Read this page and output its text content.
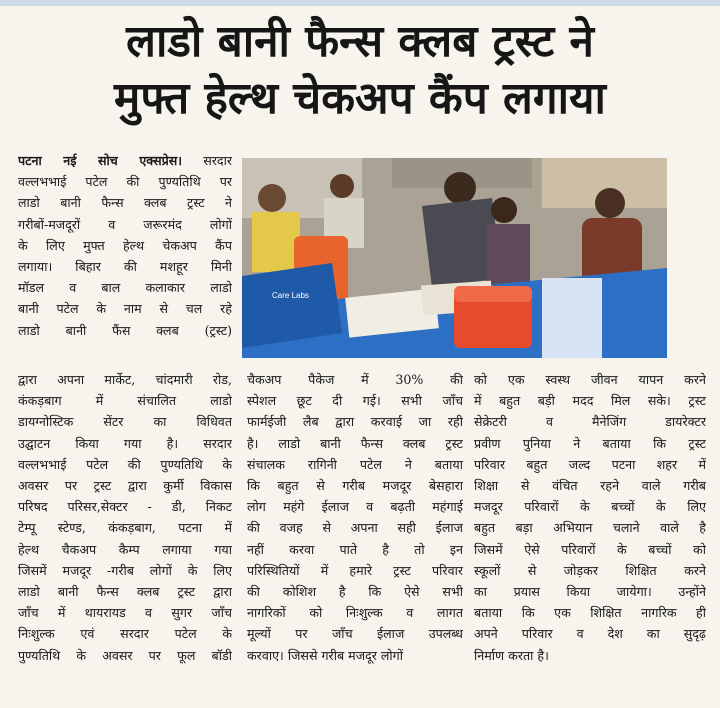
लाडो बानी फैन्स क्लब ट्रस्ट ने
मुफ्त हेल्थ चेकअप कैंप लगाया
Care Labs
पटना नई सोच एक्सप्रेस। सरदार
वल्लभभाई पटेल की पुण्यतिथि पर
लाडो बानी फैन्स क्लब ट्रस्ट ने
गरीबों-मजदूरों व जरूरमंद लोगों
के लिए मुफ्त हेल्थ चेकअप कैंप
लगाया। बिहार की मशहूर मिनी
मॉडल व बाल कलाकार लाडो
बानी पटेल के नाम से चल रहे
लाडो बानी फैंस क्लब (ट्रस्ट)
द्वारा अपना मार्केट, चांदमारी रोड,
कंकड़बाग में संचालित लाडो
डायग्नोस्टिक सेंटर का विधिवत
उद्घाटन किया गया है। सरदार
वल्लभभाई पटेल की पुण्यतिथि के
अवसर पर ट्रस्ट द्वारा कुर्मी विकास
परिषद परिसर,सेक्टर - डी, निकट
टेम्पू स्टेण्ड, कंकड़बाग, पटना में
हेल्थ चैकअप कैम्प लगाया गया
जिसमें मजदूर -गरीब लोगों के लिए
लाडो बानी फैन्स क्लब ट्रस्ट द्वारा
जाँच में थायरायड व सुगर जाँच
निःशुल्क एवं सरदार पटेल के
पुण्यतिथि के अवसर पर फूल बॉडी
चैकअप पैकेज में 30% की
स्पेशल छूट दी गई। सभी जाँच
फार्मईजी लैब द्वारा करवाई जा रही
है। लाडो बानी फैन्स क्लब ट्रस्ट
संचालक रागिनी पटेल ने बताया
कि बहुत से गरीब मजदूर बेसहारा
लोग महंगे ईलाज व बढ़ती महंगाई
की वजह से अपना सही ईलाज
नहीं करवा पाते है तो इन
परिस्थितियों में हमारे ट्रस्ट परिवार
की कोशिश है कि ऐसे सभी
नागरिकों को निःशुल्क व लागत
मूल्यों पर जाँच ईलाज उपलब्ध
करवाए। जिससे गरीब मजदूर लोगों
को एक स्वस्थ जीवन यापन करने
में बहुत बड़ी मदद मिल सके। ट्रस्ट
सेक्रेटरी व मैनेजिंग डायरेक्टर
प्रवीण पुनिया ने बताया कि ट्रस्ट
परिवार बहुत जल्द पटना शहर में
शिक्षा से वंचित रहने वाले गरीब
मजदूर परिवारों के बच्चों के लिए
बहुत बड़ा अभियान चलाने वाले है
जिसमें ऐसे परिवारों के बच्चों को
स्कूलों से जोड़कर शिक्षित करने
का प्रयास किया जायेगा। उन्होंने
बताया कि एक शिक्षित नागरिक ही
अपने परिवार व देश का सुदृढ़
निर्माण करता है।
